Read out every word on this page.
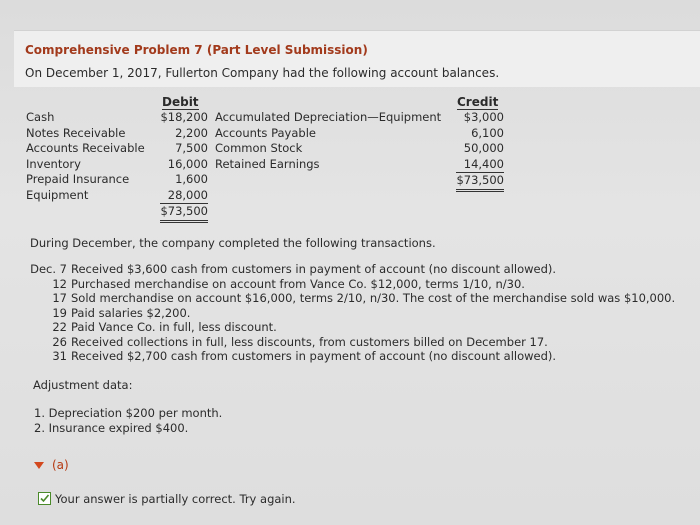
Comprehensive Problem 7 (Part Level Submission)
On December 1, 2017, Fullerton Company had the following account balances.
Debit	Credit
Cash
Notes Receivable
Accounts Receivable
Inventory
Prepaid Insurance
Equipment
$18,200
2,200
7,500
16,000
1,600
28,000
$73,500
Accumulated Depreciation—Equipment
Accounts Payable
Common Stock
Retained Earnings
$3,000
6,100
50,000
14,400
$73,500
During December, the company completed the following transactions.
Dec. 7 Received $3,600 cash from customers in payment of account (no discount allowed).
12 Purchased merchandise on account from Vance Co. $12,000, terms 1/10, n/30.
17 Sold merchandise on account $16,000, terms 2/10, n/30. The cost of the merchandise sold was $10,000.
19 Paid salaries $2,200.
22 Paid Vance Co. in full, less discount.
26 Received collections in full, less discounts, from customers billed on December 17.
31 Received $2,700 cash from customers in payment of account (no discount allowed).
Adjustment data:
1. Depreciation $200 per month.
2. Insurance expired $400.
(a)
Your answer is partially correct. Try again.
